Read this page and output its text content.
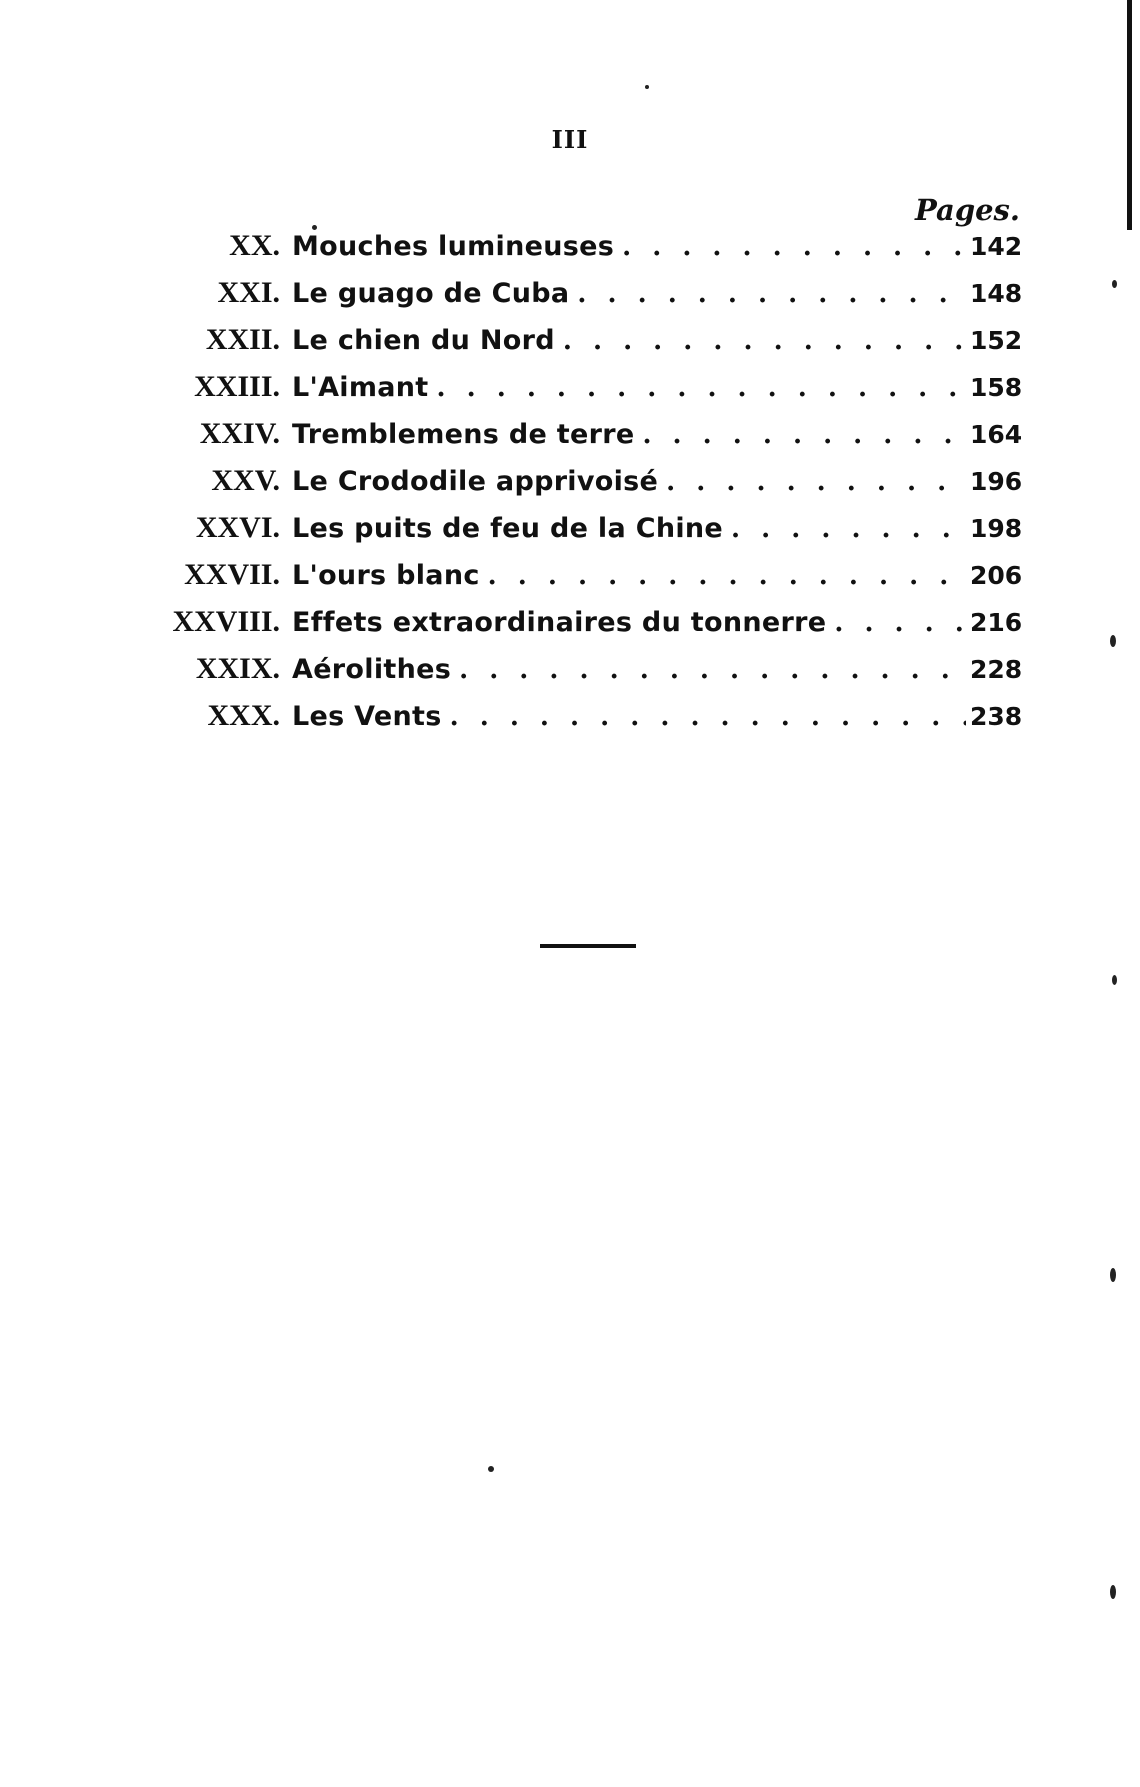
III
Pages.
XX. Mouches lumineuses . . .	142
XXI. Le guago de Cuba . . .	148
XXII. Le chien du Nord . . .	152
XXIII. L'Aimant . . .	158
XXIV. Tremblemens de terre . . .	164
XXV. Le Crododile apprivoisé . . .	196
XXVI. Les puits de feu de la Chine . . .	198
XXVII. L'ours blanc . . .	206
XXVIII. Effets extraordinaires du tonnerre . . .	216
XXIX. Aérolithes . . .	228
XXX. Les Vents . . .	238
